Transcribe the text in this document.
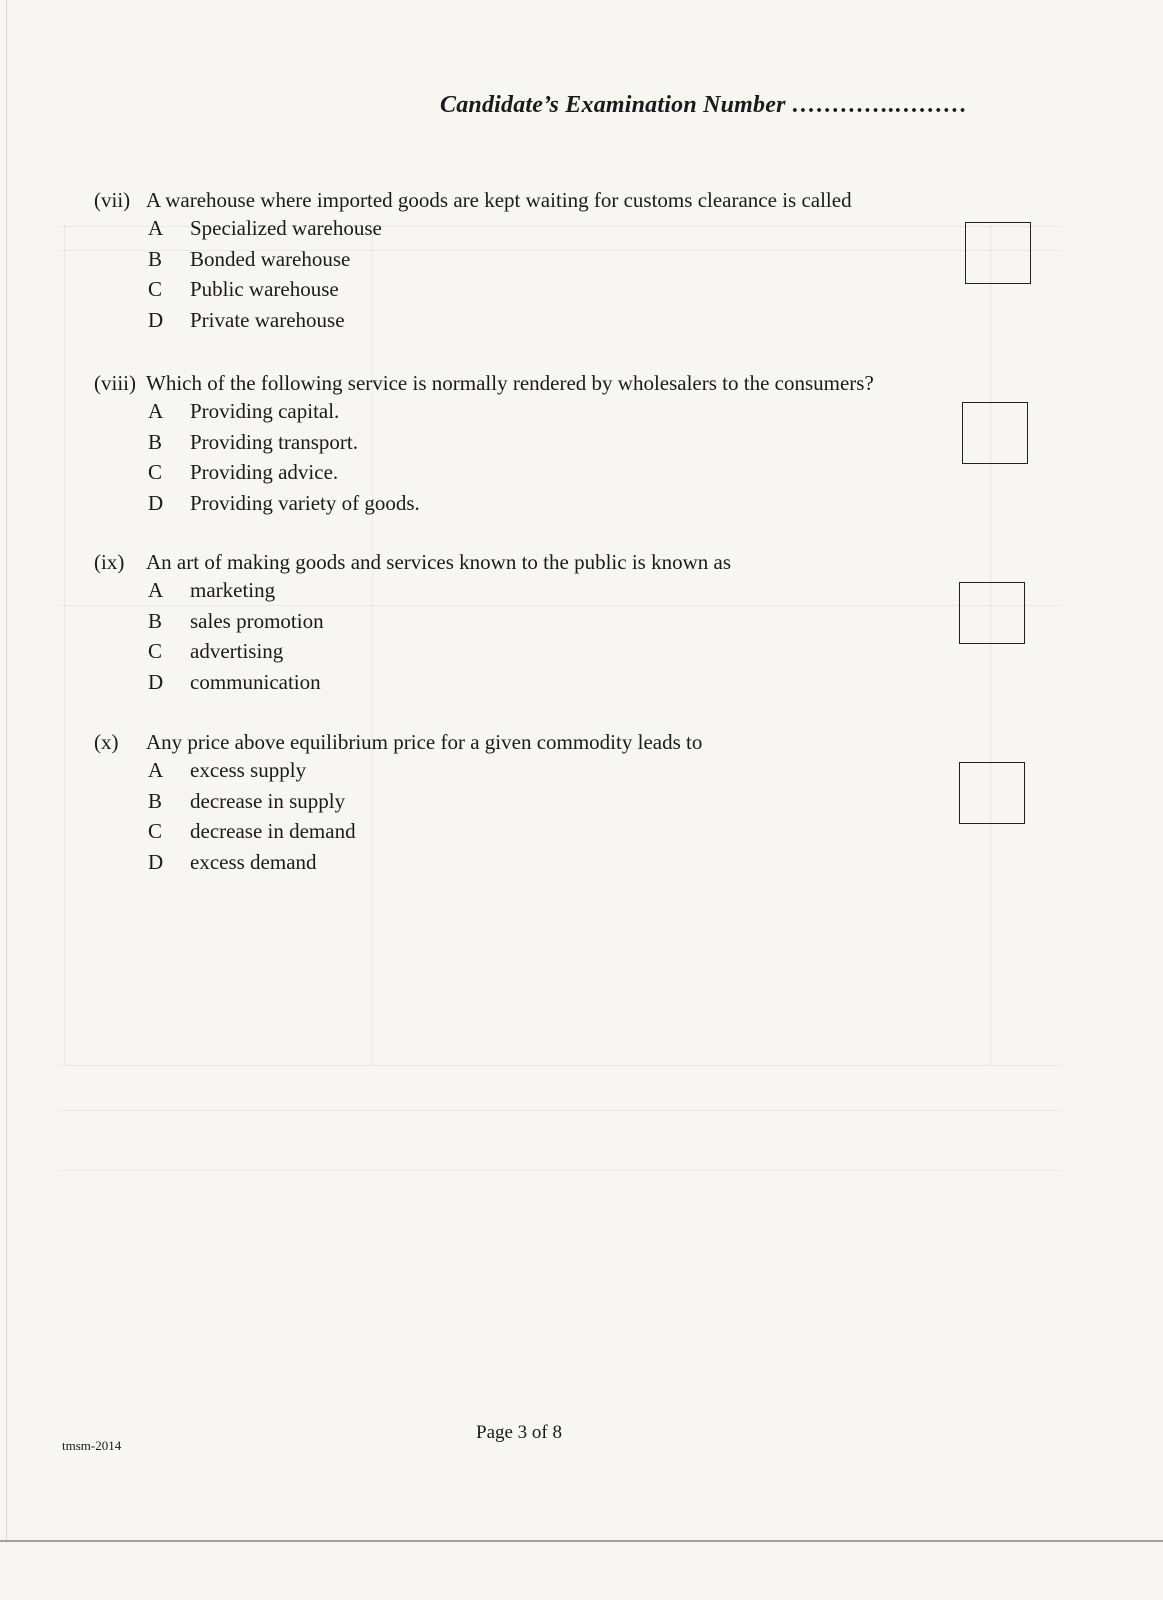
Candidate’s Examination Number ………….………
(vii) A warehouse where imported goods are kept waiting for customs clearance is called
A	Specialized warehouse
B	Bonded warehouse
C	Public warehouse
D	Private warehouse
(viii) Which of the following service is normally rendered by wholesalers to the consumers?
A	Providing capital.
B	Providing transport.
C	Providing advice.
D	Providing variety of goods.
(ix)	An art of making goods and services known to the public is known as
A	marketing
B	sales promotion
C	advertising
D	communication
(x)	Any price above equilibrium price for a given commodity leads to
A	excess supply
B	decrease in supply
C	decrease in demand
D	excess demand
tmsm-2014
Page 3 of 8
